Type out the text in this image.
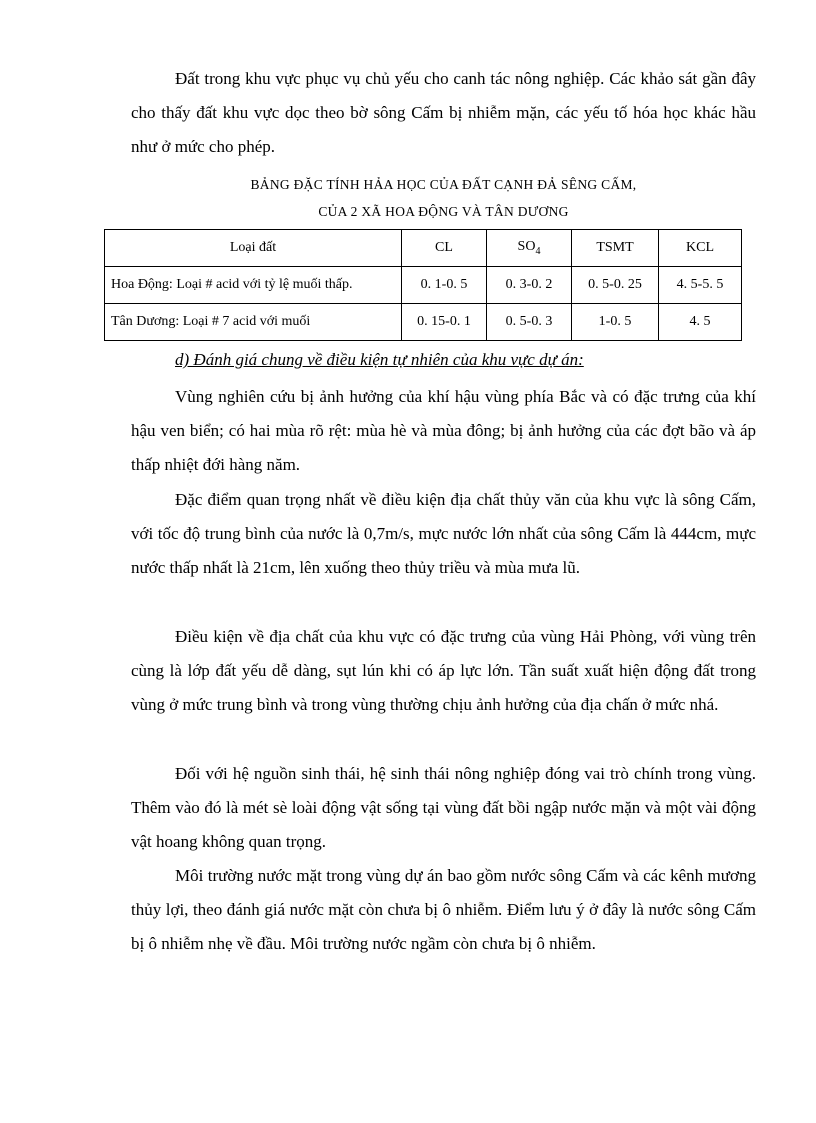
Đất trong khu vực phục vụ chủ yếu cho canh tác nông nghiệp. Các khảo sát gần đây cho thấy đất khu vực dọc theo bờ sông Cấm bị nhiễm mặn, các yếu tố hóa học khác hầu như ở mức cho phép.

BẢNG ĐẶC TÍNH HẢA HỌC CỦA ĐẤT CẠNH ĐẢ SÊNG CẤM,

CỦA 2 XÃ HOA ĐỘNG VÀ TÂN DƯƠNG

Loại đất	CL	$SO_4$	TSMT	KCL
Hoa Động: Loại # acid với tỷ lệ muối thấp.	0. 1-0. 5	0. 3-0. 2	0. 5-0. 25	4. 5-5. 5
Tân Dương: Loại # 7 acid với muối	0. 15-0. 1	0. 5-0. 3	1-0. 5	4. 5

d) Đánh giá chung về điều kiện tự nhiên của khu vực dự án:

Vùng nghiên cứu bị ảnh hưởng của khí hậu vùng phía Bắc và có đặc trưng của khí hậu ven biển; có hai mùa rõ rệt: mùa hè và mùa đông; bị ảnh hưởng của các đợt bão và áp thấp nhiệt đới hàng năm.

Đặc điểm quan trọng nhất về điều kiện địa chất thủy văn của khu vực là sông Cấm, với tốc độ trung bình của nước là 0,7m/s, mực nước lớn nhất của sông Cấm là 444cm, mực nước thấp nhất là 21cm, lên xuống theo thủy triều và mùa mưa lũ.

Điều kiện về địa chất của khu vực có đặc trưng của vùng Hải Phòng, với vùng trên cùng là lớp đất yếu dễ dàng, sụt lún khi có áp lực lớn. Tần suất xuất hiện động đất trong vùng ở mức trung bình và trong vùng thường chịu ảnh hưởng của địa chấn ở mức nhá.

Đối với hệ nguồn sinh thái, hệ sinh thái nông nghiệp đóng vai trò chính trong vùng. Thêm vào đó là mét sè loài động vật sống tại vùng đất bồi ngập nước mặn và một vài động vật hoang không quan trọng.

Môi trường nước mặt trong vùng dự án bao gồm nước sông Cấm và các kênh mương thủy lợi, theo đánh giá nước mặt còn chưa bị ô nhiễm. Điểm lưu ý ở đây là nước sông Cấm bị ô nhiễm nhẹ về đầu. Môi trường nước ngầm còn chưa bị ô nhiễm.
